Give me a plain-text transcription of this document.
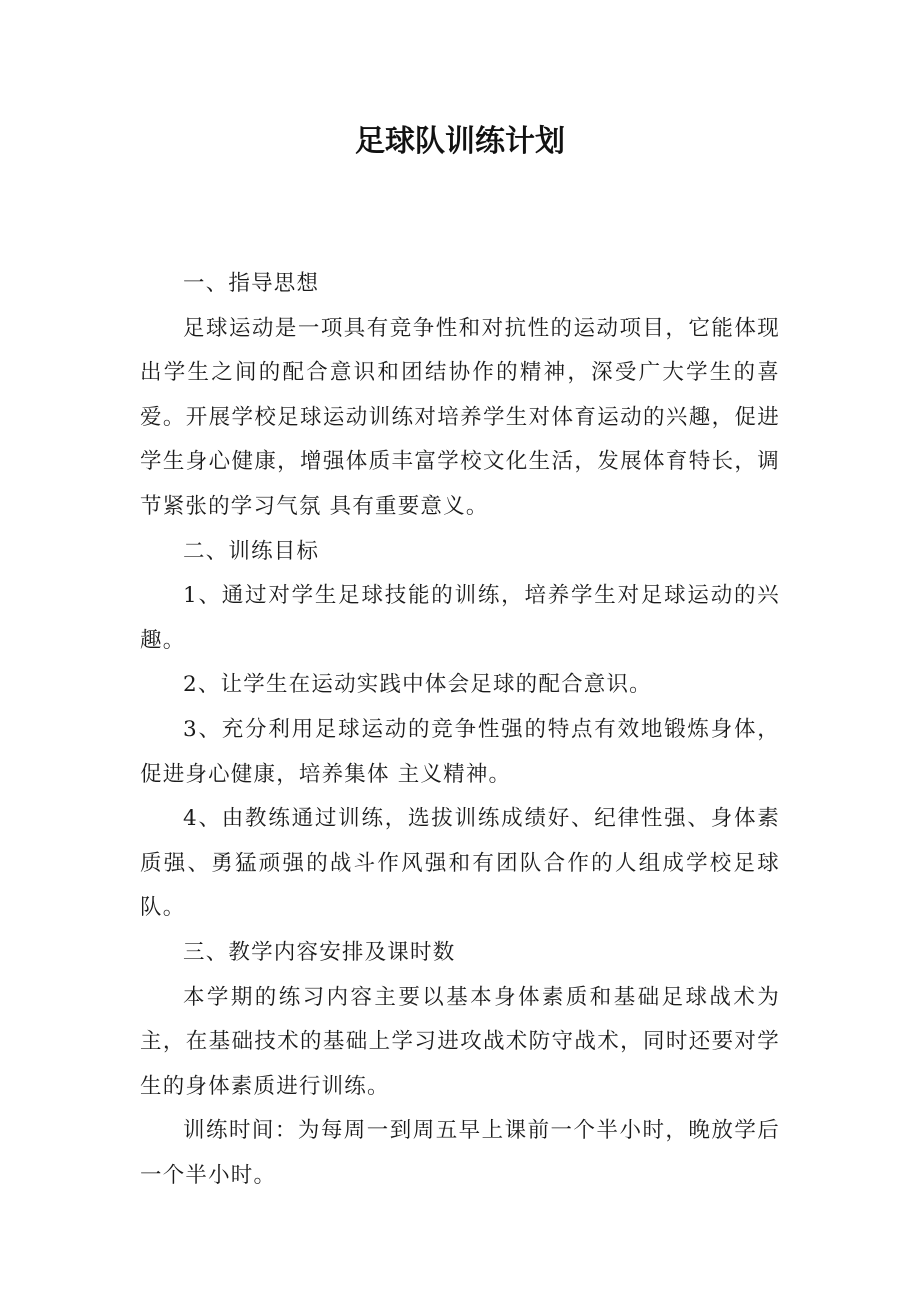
足球队训练计划

一、指导思想

足球运动是一项具有竞争性和对抗性的运动项目，它能体现出学生之间的配合意识和团结协作的精神，深受广大学生的喜爱。开展学校足球运动训练对培养学生对体育运动的兴趣，促进学生身心健康，增强体质丰富学校文化生活，发展体育特长，调节紧张的学习气氛 具有重要意义。

二、训练目标

1、通过对学生足球技能的训练，培养学生对足球运动的兴趣。

2、让学生在运动实践中体会足球的配合意识。

3、充分利用足球运动的竞争性强的特点有效地锻炼身体，促进身心健康，培养集体 主义精神。

4、由教练通过训练，选拔训练成绩好、纪律性强、身体素质强、勇猛顽强的战斗作风强和有团队合作的人组成学校足球队。

三、教学内容安排及课时数

本学期的练习内容主要以基本身体素质和基础足球战术为主，在基础技术的基础上学习进攻战术防守战术，同时还要对学生的身体素质进行训练。

训练时间：为每周一到周五早上课前一个半小时，晚放学后一个半小时。
